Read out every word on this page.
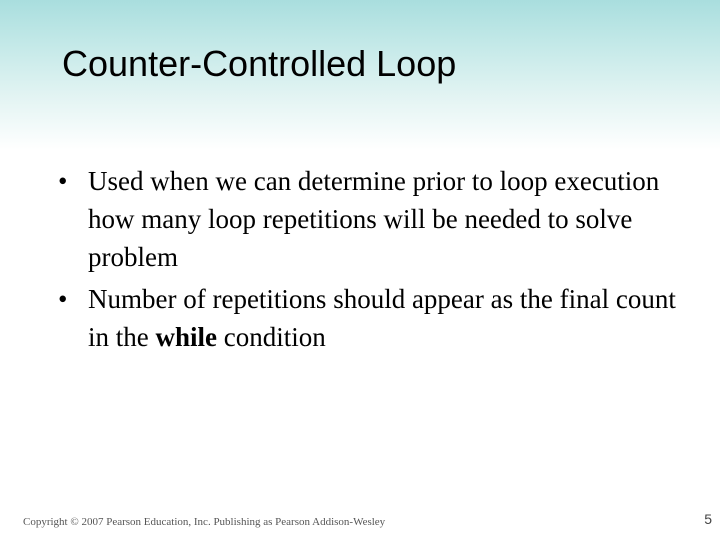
Counter-Controlled Loop
• Used when we can determine prior to loop execution how many loop repetitions will be needed to solve problem
• Number of repetitions should appear as the final count in the while condition
Copyright © 2007 Pearson Education, Inc. Publishing as Pearson Addison-Wesley	5
